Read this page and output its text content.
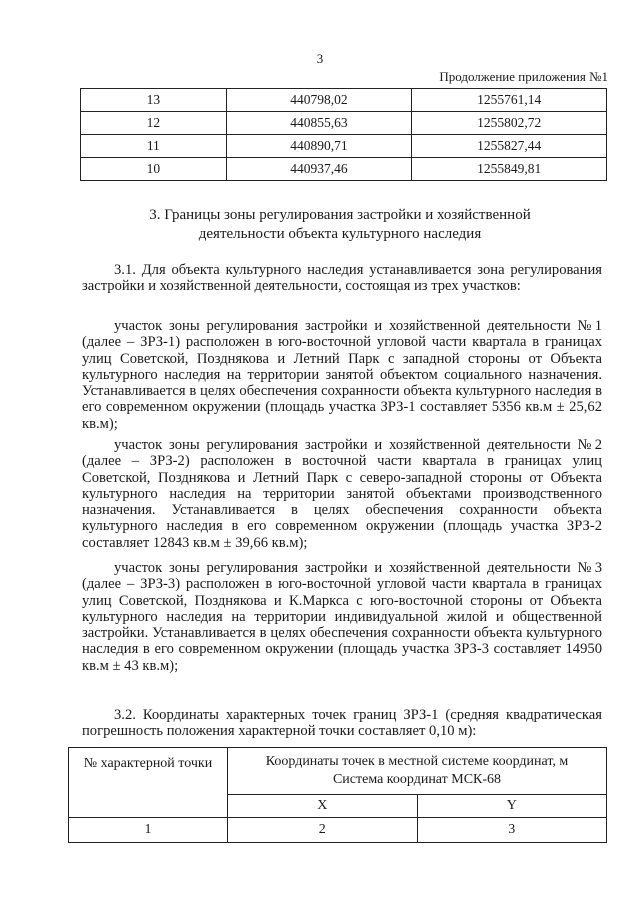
3
Продолжение приложения №1
13	440798,02	1255761,14
12	440855,63	1255802,72
11	440890,71	1255827,44
10	440937,46	1255849,81
3. Границы зоны регулирования застройки и хозяйственной
деятельности объекта культурного наследия

3.1. Для объекта культурного наследия устанавливается зона регулирования застройки и хозяйственной деятельности, состоящая из трех участков:

участок зоны регулирования застройки и хозяйственной деятельности №1 (далее – ЗРЗ-1) расположен в юго-восточной угловой части квартала в границах улиц Советской, Позднякова и Летний Парк с западной стороны от Объекта культурного наследия на территории занятой объектом социального назначения. Устанавливается в целях обеспечения сохранности объекта культурного наследия в его современном окружении (площадь участка ЗРЗ-1 составляет 5356 кв.м ± 25,62 кв.м);

участок зоны регулирования застройки и хозяйственной деятельности №2 (далее – ЗРЗ-2) расположен в восточной части квартала в границах улиц Советской, Позднякова и Летний Парк с северо-западной стороны от Объекта культурного наследия на территории занятой объектами производственного назначения. Устанавливается в целях обеспечения сохранности объекта культурного наследия в его современном окружении (площадь участка ЗРЗ-2 составляет 12843 кв.м ± 39,66 кв.м);

участок зоны регулирования застройки и хозяйственной деятельности №3 (далее – ЗРЗ-3) расположен в юго-восточной угловой части квартала в границах улиц Советской, Позднякова и К.Маркса с юго-восточной стороны от Объекта культурного наследия на территории индивидуальной жилой и общественной застройки. Устанавливается в целях обеспечения сохранности объекта культурного наследия в его современном окружении (площадь участка ЗРЗ-3 составляет 14950 кв.м ± 43 кв.м);

3.2. Координаты характерных точек границ ЗРЗ-1 (средняя квадратическая погрешность положения характерной точки составляет 0,10 м):

№ характерной точки	Координаты точек в местной системе координат, м
Система координат МСК-68	

	X	Y
1	2	3
